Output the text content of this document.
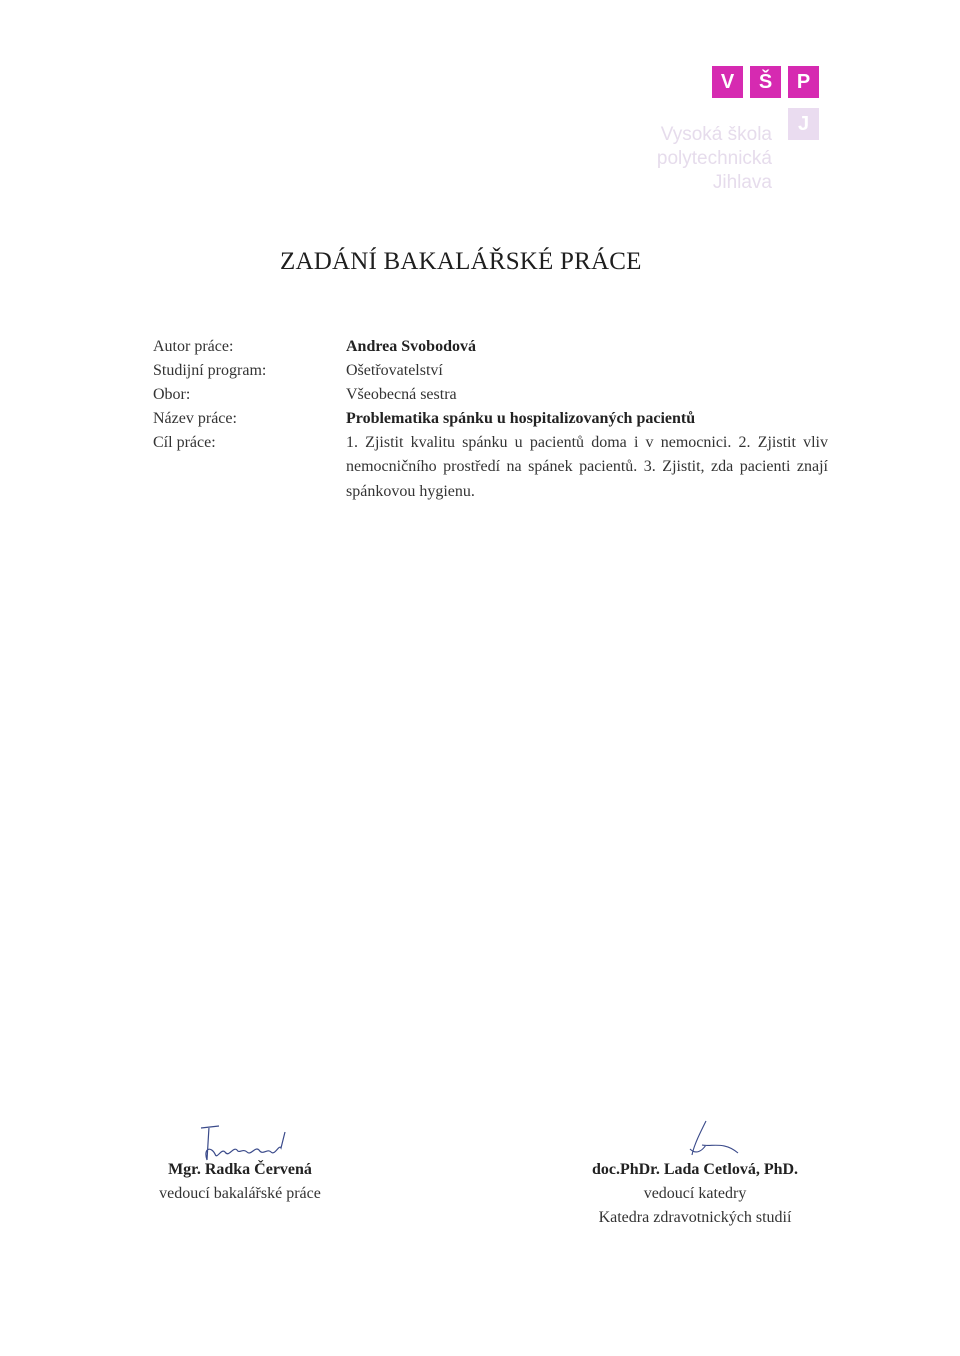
V	Š	P
J
Vysoká škola
polytechnická
Jihlava
ZADÁNÍ BAKALÁŘSKÉ PRÁCE
Autor práce:	Andrea Svobodová
Studijní program:	Ošetřovatelství
Obor:	Všeobecná sestra
Název práce:	Problematika spánku u hospitalizovaných pacientů
Cíl práce:	1. Zjistit kvalitu spánku u pacientů doma i v nemocnici. 2. Zjistit vliv nemocničního prostředí na spánek pacientů. 3. Zjistit, zda pacienti znají spánkovou hygienu.
Mgr. Radka Červená
vedoucí bakalářské práce
doc.PhDr. Lada Cetlová, PhD.
vedoucí katedry
Katedra zdravotnických studií
